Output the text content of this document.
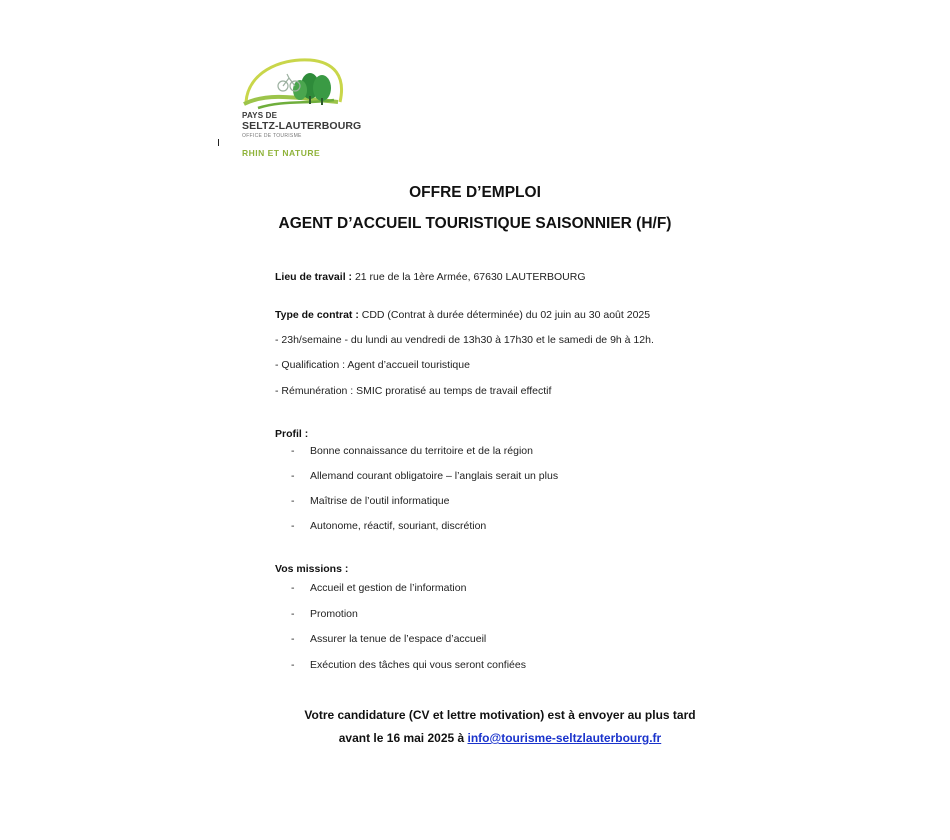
PAYS DE
SELTZ-LAUTERBOURG
OFFICE DE TOURISME
RHIN ET NATURE
OFFRE D’EMPLOI
AGENT D’ACCUEIL TOURISTIQUE SAISONNIER (H/F)
Lieu de travail : 21 rue de la 1ère Armée, 67630 LAUTERBOURG
Type de contrat : CDD (Contrat à durée déterminée) du 02 juin au 30 août 2025
- 23h/semaine - du lundi au vendredi de 13h30 à 17h30 et le samedi de 9h à 12h.
- Qualification : Agent d’accueil touristique
- Rémunération : SMIC proratisé au temps de travail effectif
Profil :
- Bonne connaissance du territoire et de la région
- Allemand courant obligatoire – l’anglais serait un plus
- Maîtrise de l’outil informatique
- Autonome, réactif, souriant, discrétion
Vos missions :
- Accueil et gestion de l’information
- Promotion
- Assurer la tenue de l’espace d’accueil
- Exécution des tâches qui vous seront confiées
Votre candidature (CV et lettre motivation) est à envoyer au plus tard
avant le 16 mai 2025 à info@tourisme-seltzlauterbourg.fr
